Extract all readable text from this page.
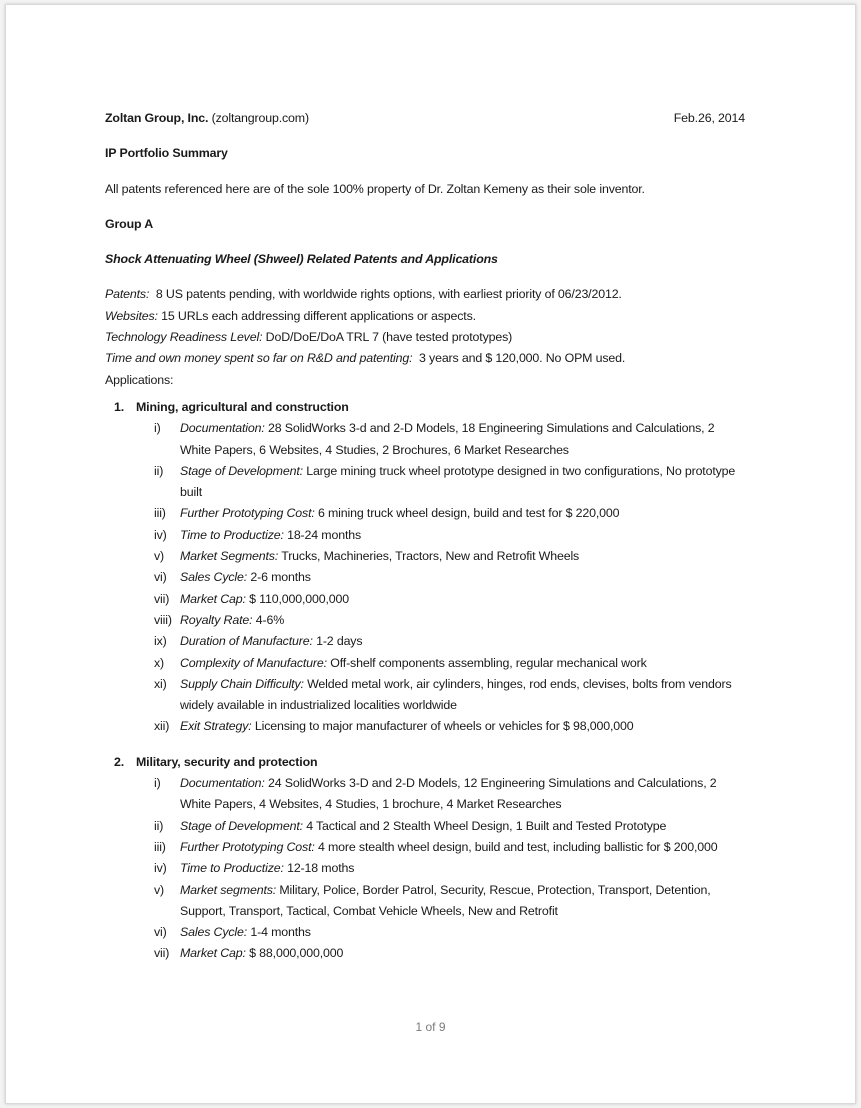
Zoltan Group, Inc. (zoltangroup.com)	Feb.26, 2014

IP Portfolio Summary

All patents referenced here are of the sole 100% property of Dr. Zoltan Kemeny as their sole inventor.

Group A

Shock Attenuating Wheel (Shweel) Related Patents and Applications

Patents: 8 US patents pending, with worldwide rights options, with earliest priority of 06/23/2012.

Websites: 15 URLs each addressing different applications or aspects.

Technology Readiness Level: DoD/DoE/DoA TRL 7 (have tested prototypes)

Time and own money spent so far on R&D and patenting: 3 years and $ 120,000. No OPM used.

Applications:

1. Mining, agricultural and construction

i)	Documentation: 28 SolidWorks 3-d and 2-D Models, 18 Engineering Simulations and Calculations, 2 White Papers, 6 Websites, 4 Studies, 2 Brochures, 6 Market Researches
ii)	Stage of Development: Large mining truck wheel prototype designed in two configurations, No prototype built
iii)	Further Prototyping Cost: 6 mining truck wheel design, build and test for $ 220,000
iv)	Time to Productize: 18-24 months
v)	Market Segments: Trucks, Machineries, Tractors, New and Retrofit Wheels
vi)	Sales Cycle: 2-6 months
vii) Market Cap: $ 110,000,000,000
viii) Royalty Rate: 4-6%
ix)	Duration of Manufacture: 1-2 days
x)	Complexity of Manufacture: Off-shelf components assembling, regular mechanical work
xi)	Supply Chain Difficulty: Welded metal work, air cylinders, hinges, rod ends, clevises, bolts from vendors widely available in industrialized localities worldwide
xii) Exit Strategy: Licensing to major manufacturer of wheels or vehicles for $ 98,000,000

2. Military, security and protection

i)	Documentation: 24 SolidWorks 3-D and 2-D Models, 12 Engineering Simulations and Calculations, 2 White Papers, 4 Websites, 4 Studies, 1 brochure, 4 Market Researches
ii)	Stage of Development: 4 Tactical and 2 Stealth Wheel Design, 1 Built and Tested Prototype
iii)	Further Prototyping Cost: 4 more stealth wheel design, build and test, including ballistic for $ 200,000
iv)	Time to Productize: 12-18 moths
v)	Market segments: Military, Police, Border Patrol, Security, Rescue, Protection, Transport, Detention, Support, Transport, Tactical, Combat Vehicle Wheels, New and Retrofit
vi)	Sales Cycle: 1-4 months
vii) Market Cap: $ 88,000,000,000
1 of 9
